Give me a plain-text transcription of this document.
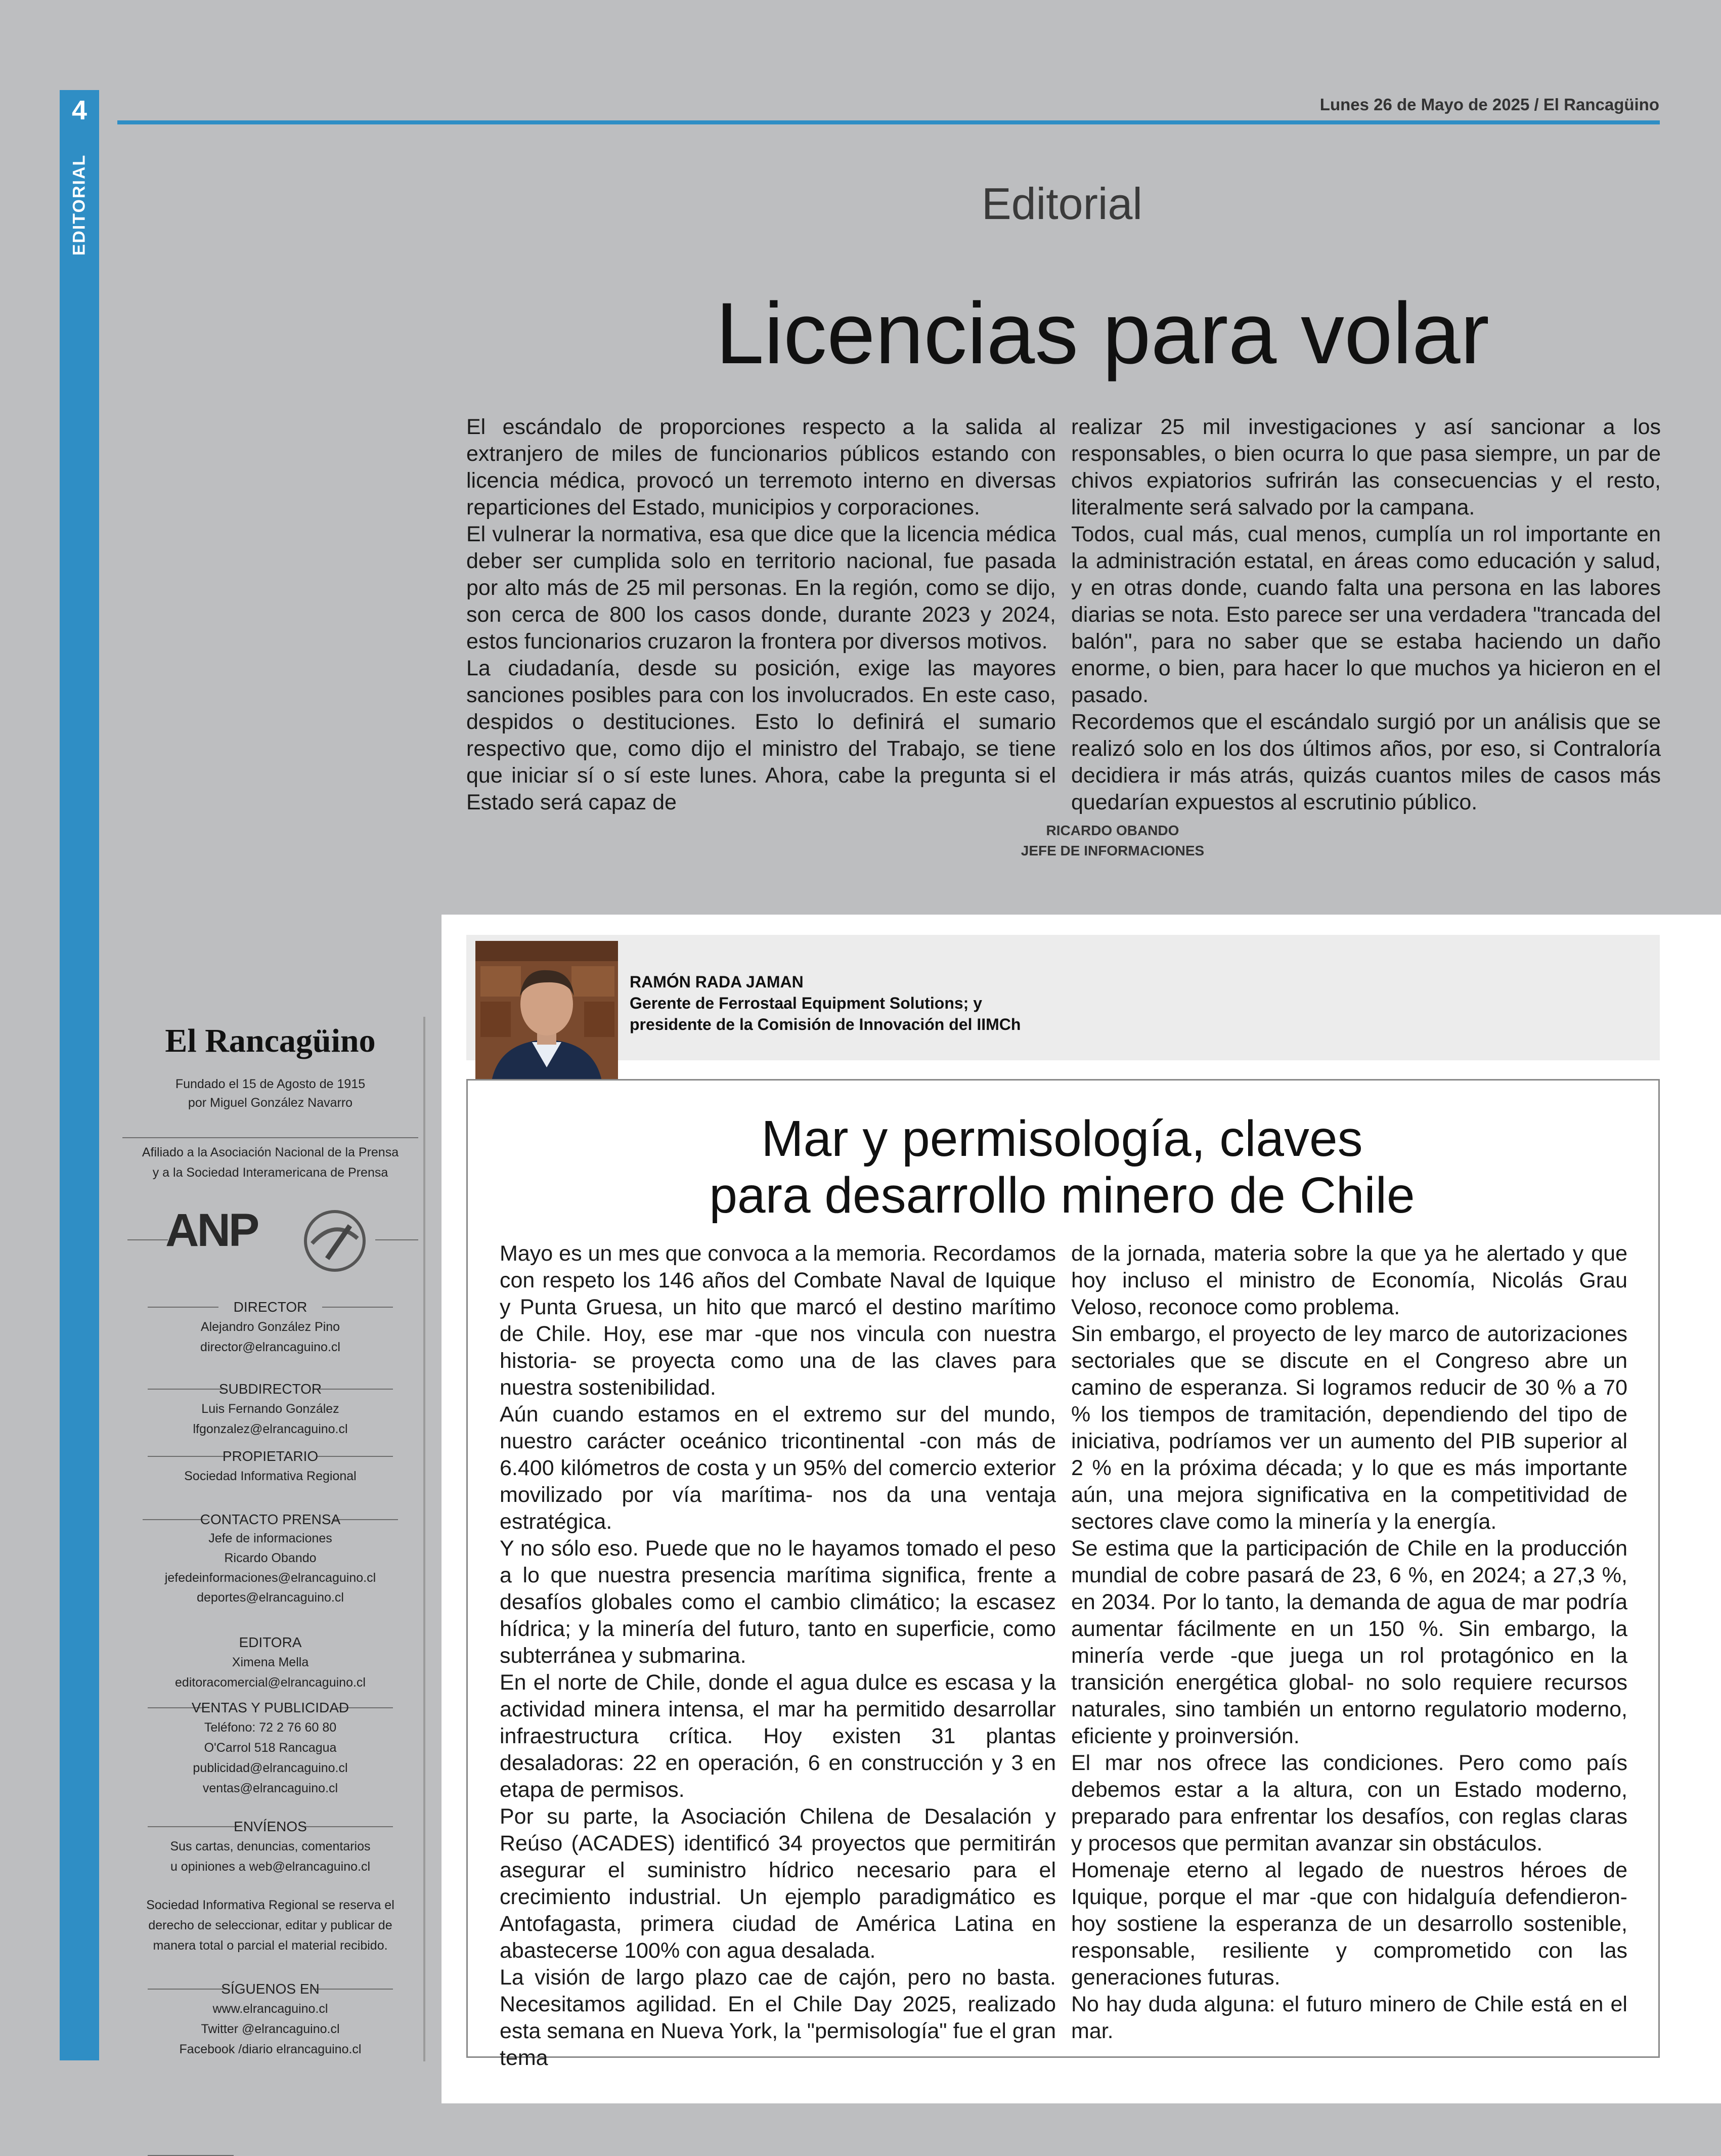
4
EDITORIAL
Lunes 26 de Mayo de 2025 / El Rancagüino
Editorial
Licencias para volar

El escándalo de proporciones respecto a la salida al extranjero de miles de funcionarios públicos estando con licencia médica, provocó un terremoto interno en diversas reparticiones del Estado, municipios y corporaciones.

El vulnerar la normativa, esa que dice que la licencia médica deber ser cumplida solo en territorio nacional, fue pasada por alto más de 25 mil personas. En la región, como se dijo, son cerca de 800 los casos donde, durante 2023 y 2024, estos funcionarios cruzaron la frontera por diversos motivos.

La ciudadanía, desde su posición, exige las mayores sanciones posibles para con los involucrados. En este caso, despidos o destituciones. Esto lo definirá el sumario respectivo que, como dijo el ministro del Trabajo, se tiene que iniciar sí o sí este lunes. Ahora, cabe la pregunta si el Estado será capaz de

realizar 25 mil investigaciones y así sancionar a los responsables, o bien ocurra lo que pasa siempre, un par de chivos expiatorios sufrirán las consecuencias y el resto, literalmente será salvado por la campana.

Todos, cual más, cual menos, cumplía un rol importante en la administración estatal, en áreas como educación y salud, y en otras donde, cuando falta una persona en las labores diarias se nota. Esto parece ser una verdadera "trancada del balón", para no saber que se estaba haciendo un daño enorme, o bien, para hacer lo que muchos ya hicieron en el pasado.

Recordemos que el escándalo surgió por un análisis que se realizó solo en los dos últimos años, por eso, si Contraloría decidiera ir más atrás, quizás cuantos miles de casos más quedarían expuestos al escrutinio público.

RICARDO OBANDO
JEFE DE INFORMACIONES
El Rancagüino
Fundado el 15 de Agosto de 1915
por Miguel González Navarro
Afiliado a la Asociación Nacional de la Prensa
y a la Sociedad Interamericana de Prensa
ANP
DIRECTOR
Alejandro González Pino
director@elrancaguino.cl
SUBDIRECTOR
Luis Fernando González
lfgonzalez@elrancaguino.cl
PROPIETARIO
Sociedad Informativa Regional
CONTACTO PRENSA
Jefe de informaciones
Ricardo Obando
jefedeinformaciones@elrancaguino.cl
deportes@elrancaguino.cl
EDITORA
Ximena Mella
editoracomercial@elrancaguino.cl
VENTAS Y PUBLICIDAD
Teléfono: 72 2 76 60 80
O'Carrol 518 Rancagua
publicidad@elrancaguino.cl
ventas@elrancaguino.cl
ENVÍENOS
Sus cartas, denuncias, comentarios
u opiniones a web@elrancaguino.cl
Sociedad Informativa Regional se reserva el
derecho de seleccionar, editar y publicar de
manera total o parcial el material recibido.
SÍGUENOS EN
www.elrancaguino.cl
Twitter @elrancaguino.cl
Facebook /diario elrancaguino.cl
RAMÓN RADA JAMAN
Gerente de Ferrostaal Equipment Solutions; y
presidente de la Comisión de Innovación del IIMCh
Mar y permisología, claves
para desarrollo minero de Chile

Mayo es un mes que convoca a la memoria. Recordamos con respeto los 146 años del Combate Naval de Iquique y Punta Gruesa, un hito que marcó el destino marítimo de Chile. Hoy, ese mar -que nos vincula con nuestra historia- se proyecta como una de las claves para nuestra sostenibilidad.

Aún cuando estamos en el extremo sur del mundo, nuestro carácter oceánico tricontinental -con más de 6.400 kilómetros de costa y un 95% del comercio exterior movilizado por vía marítima- nos da una ventaja estratégica.

Y no sólo eso. Puede que no le hayamos tomado el peso a lo que nuestra presencia marítima significa, frente a desafíos globales como el cambio climático; la escasez hídrica; y la minería del futuro, tanto en superficie, como subterránea y submarina.

En el norte de Chile, donde el agua dulce es escasa y la actividad minera intensa, el mar ha permitido desarrollar infraestructura crítica. Hoy existen 31 plantas desaladoras: 22 en operación, 6 en construcción y 3 en etapa de permisos.

Por su parte, la Asociación Chilena de Desalación y Reúso (ACADES) identificó 34 proyectos que permitirán asegurar el suministro hídrico necesario para el crecimiento industrial. Un ejemplo paradigmático es Antofagasta, primera ciudad de América Latina en abastecerse 100% con agua desalada.

La visión de largo plazo cae de cajón, pero no basta. Necesitamos agilidad. En el Chile Day 2025, realizado esta semana en Nueva York, la "permisología" fue el gran tema

de la jornada, materia sobre la que ya he alertado y que hoy incluso el ministro de Economía, Nicolás Grau Veloso, reconoce como problema.

Sin embargo, el proyecto de ley marco de autorizaciones sectoriales que se discute en el Congreso abre un camino de esperanza. Si logramos reducir de 30 % a 70 % los tiempos de tramitación, dependiendo del tipo de iniciativa, podríamos ver un aumento del PIB superior al 2 % en la próxima década; y lo que es más importante aún, una mejora significativa en la competitividad de sectores clave como la minería y la energía.

Se estima que la participación de Chile en la producción mundial de cobre pasará de 23, 6 %, en 2024; a 27,3 %, en 2034. Por lo tanto, la demanda de agua de mar podría aumentar fácilmente en un 150 %. Sin embargo, la minería verde -que juega un rol protagónico en la transición energética global- no solo requiere recursos naturales, sino también un entorno regulatorio moderno, eficiente y proinversión.

El mar nos ofrece las condiciones. Pero como país debemos estar a la altura, con un Estado moderno, preparado para enfrentar los desafíos, con reglas claras y procesos que permitan avanzar sin obstáculos.

Homenaje eterno al legado de nuestros héroes de Iquique, porque el mar -que con hidalguía defendieron- hoy sostiene la esperanza de un desarrollo sostenible, responsable, resiliente y comprometido con las generaciones futuras.

No hay duda alguna: el futuro minero de Chile está en el mar.
